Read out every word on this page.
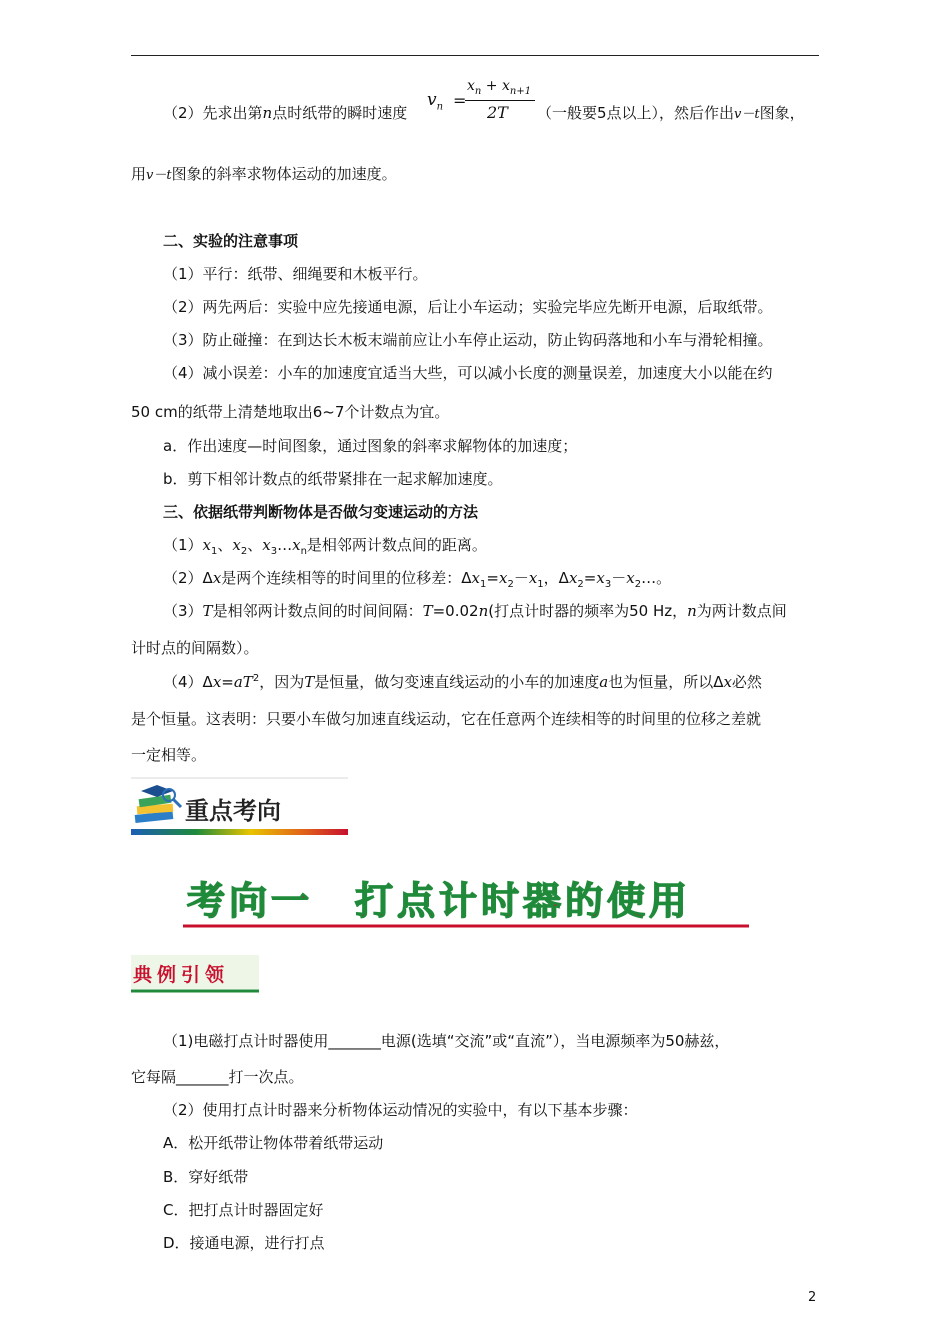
（2）先求出第n点时纸带的瞬时速度
$v_n$ =
$x_n + x_{n+1}$
2T （一般要5点以上），然后作出v－t图象，
用v－t图象的斜率求物体运动的加速度。
二、实验的注意事项
（1）平行：纸带、细绳要和木板平行。
（2）两先两后：实验中应先接通电源，后让小车运动；实验完毕应先断开电源，后取纸带。
（3）防止碰撞：在到达长木板末端前应让小车停止运动，防止钩码落地和小车与滑轮相撞。
（4）减小误差：小车的加速度宜适当大些，可以减小长度的测量误差，加速度大小以能在约
50 cm的纸带上清楚地取出6~7个计数点为宜。
a．作出速度—时间图象，通过图象的斜率求解物体的加速度；
b．剪下相邻计数点的纸带紧排在一起求解加速度。
三、依据纸带判断物体是否做匀变速运动的方法
$(1)x_1$、$x_2$、$x_3\dots x_n$是相邻两计数点间的距离。
（2）Δx是两个连续相等的时间里的位移差：$\Delta x_1=x_2-x_1$，$\Delta x_2=x_3-x_2\dots$。
（3）T是相邻两计数点间的时间间隔：T=0.02n(打点计时器的频率为50 Hz，n为两计数点间
计时点的间隔数）。
$(4)\Delta x=aT^2$，因为T是恒量，做匀变速直线运动的小车的加速度a也为恒量，所以Δx必然
是个恒量。这表明：只要小车做匀加速直线运动，它在任意两个连续相等的时间里的位移之差就
一定相等。
重点考向
考向一　打点计时器的使用
典例引领
（1)电磁打点计时器使用_______电源(选填“交流”或“直流”），当电源频率为50赫兹，
它每隔_______打一次点。
（2）使用打点计时器来分析物体运动情况的实验中，有以下基本步骤：
A．松开纸带让物体带着纸带运动
B．穿好纸带
C．把打点计时器固定好
D．接通电源，进行打点
2
